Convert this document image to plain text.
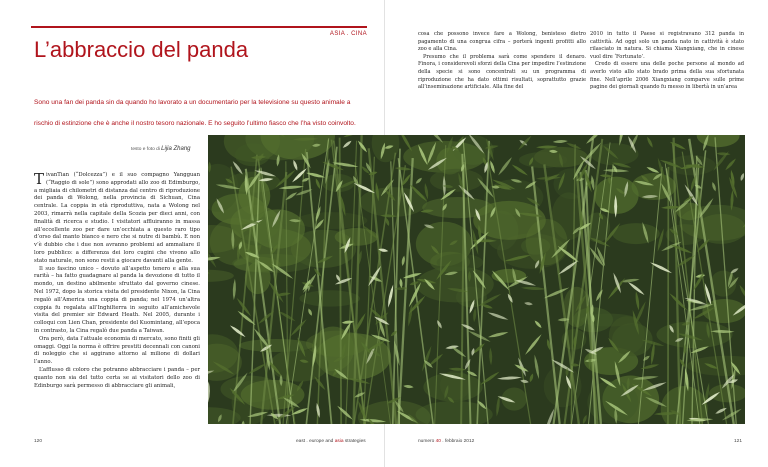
ASIA . CINA
L’abbraccio del panda
Sono una fan dei panda sin da quando ho lavorato a un documentario per la televisione su questo animale a rischio di estinzione che è anche il nostro tesoro nazionale. E ho seguito l’ultimo fiasco che l’ha visto coinvolto.
testo e foto di Lijia Zhang

TivanTian (“Dolcezza”) e il suo compagno Yangguan (“Raggio di sole”) sono approdati allo zoo di Edimburgo, a migliaia di chilometri di distanza dal centro di riproduzione dei panda di Wolong, nella provincia di Sichuan, Cina centrale. La coppia in età riproduttiva, nata a Wolong nel 2003, rimarrà nella capitale della Scozia per dieci anni, con finalità di ricerca e studio. I visitatori affluiranno in massa all’eccellente zoo per dare un’occhiata a questo raro tipo d’orso dal manto bianco e nero che si nutre di bambù. E non v’è dubbio che i due non avranno problemi ad ammaliare il loro pubblico: a differenza dei loro cugini che vivono allo stato naturale, non sono restii a giocare davanti alla gente.

Il suo fascino unico – dovuto all’aspetto tenero e alla sua rarità – ha fatto guadagnare al panda la devozione di tutto il mondo, un destino abilmente sfruttato dal governo cinese. Nel 1972, dopo la storica visita del presidente Nixon, la Cina regalò all’America una coppia di panda; nel 1974 un’altra coppia fu regalata all’Inghilterra in seguito all’amichevole visita del premier sir Edward Heath. Nel 2005, durante i colloqui con Lien Chan, presidente del Kuomintang, all’epoca in contrasto, la Cina regalò due panda a Taiwan.

Ora però, data l’attuale economia di mercato, sono finiti gli omaggi. Oggi la norma è offrire prestiti decennali con canoni di noleggio che si aggirano attorno al milione di dollari l’anno.

L’afflusso di coloro che potranno abbracciare i panda – per quanto non sia del tutto certa se ai visitatori dello zoo di Edinburgo sarà permesso di abbracciare gli animali,

cosa che possono invece fare a Wolong, benisteso dietro pagamento di una congrua cifra – porterà ingenti profitti allo zoo e alla Cina.

Presumo che il problema sarà come spendere il denaro. Finora, i considerevoli sforzi della Cina per impedire l’estinzione della specie si sono concentrati su un programma di riproduzione che ha dato ottimi risultati, soprattutto grazie all’inseminazione artificiale. Alla fine del

2010 in tutto il Paese si registravano 312 panda in cattività. Ad oggi solo un panda nato in cattività è stato rilasciato in natura. Si chiama Xiangxiang, che in cinese vuol dire ‘Fortunato’.

Credo di essere una delle poche persone al mondo ad averlo visto allo stato brado prima della sua sfortunata fine. Nell’aprile 2006 Xiangxiang comparve sulle prime pagine dei giornali quando fu messo in libertà in un’area

120	east . europe and asia strategies	numero 40 . febbraio 2012	121
